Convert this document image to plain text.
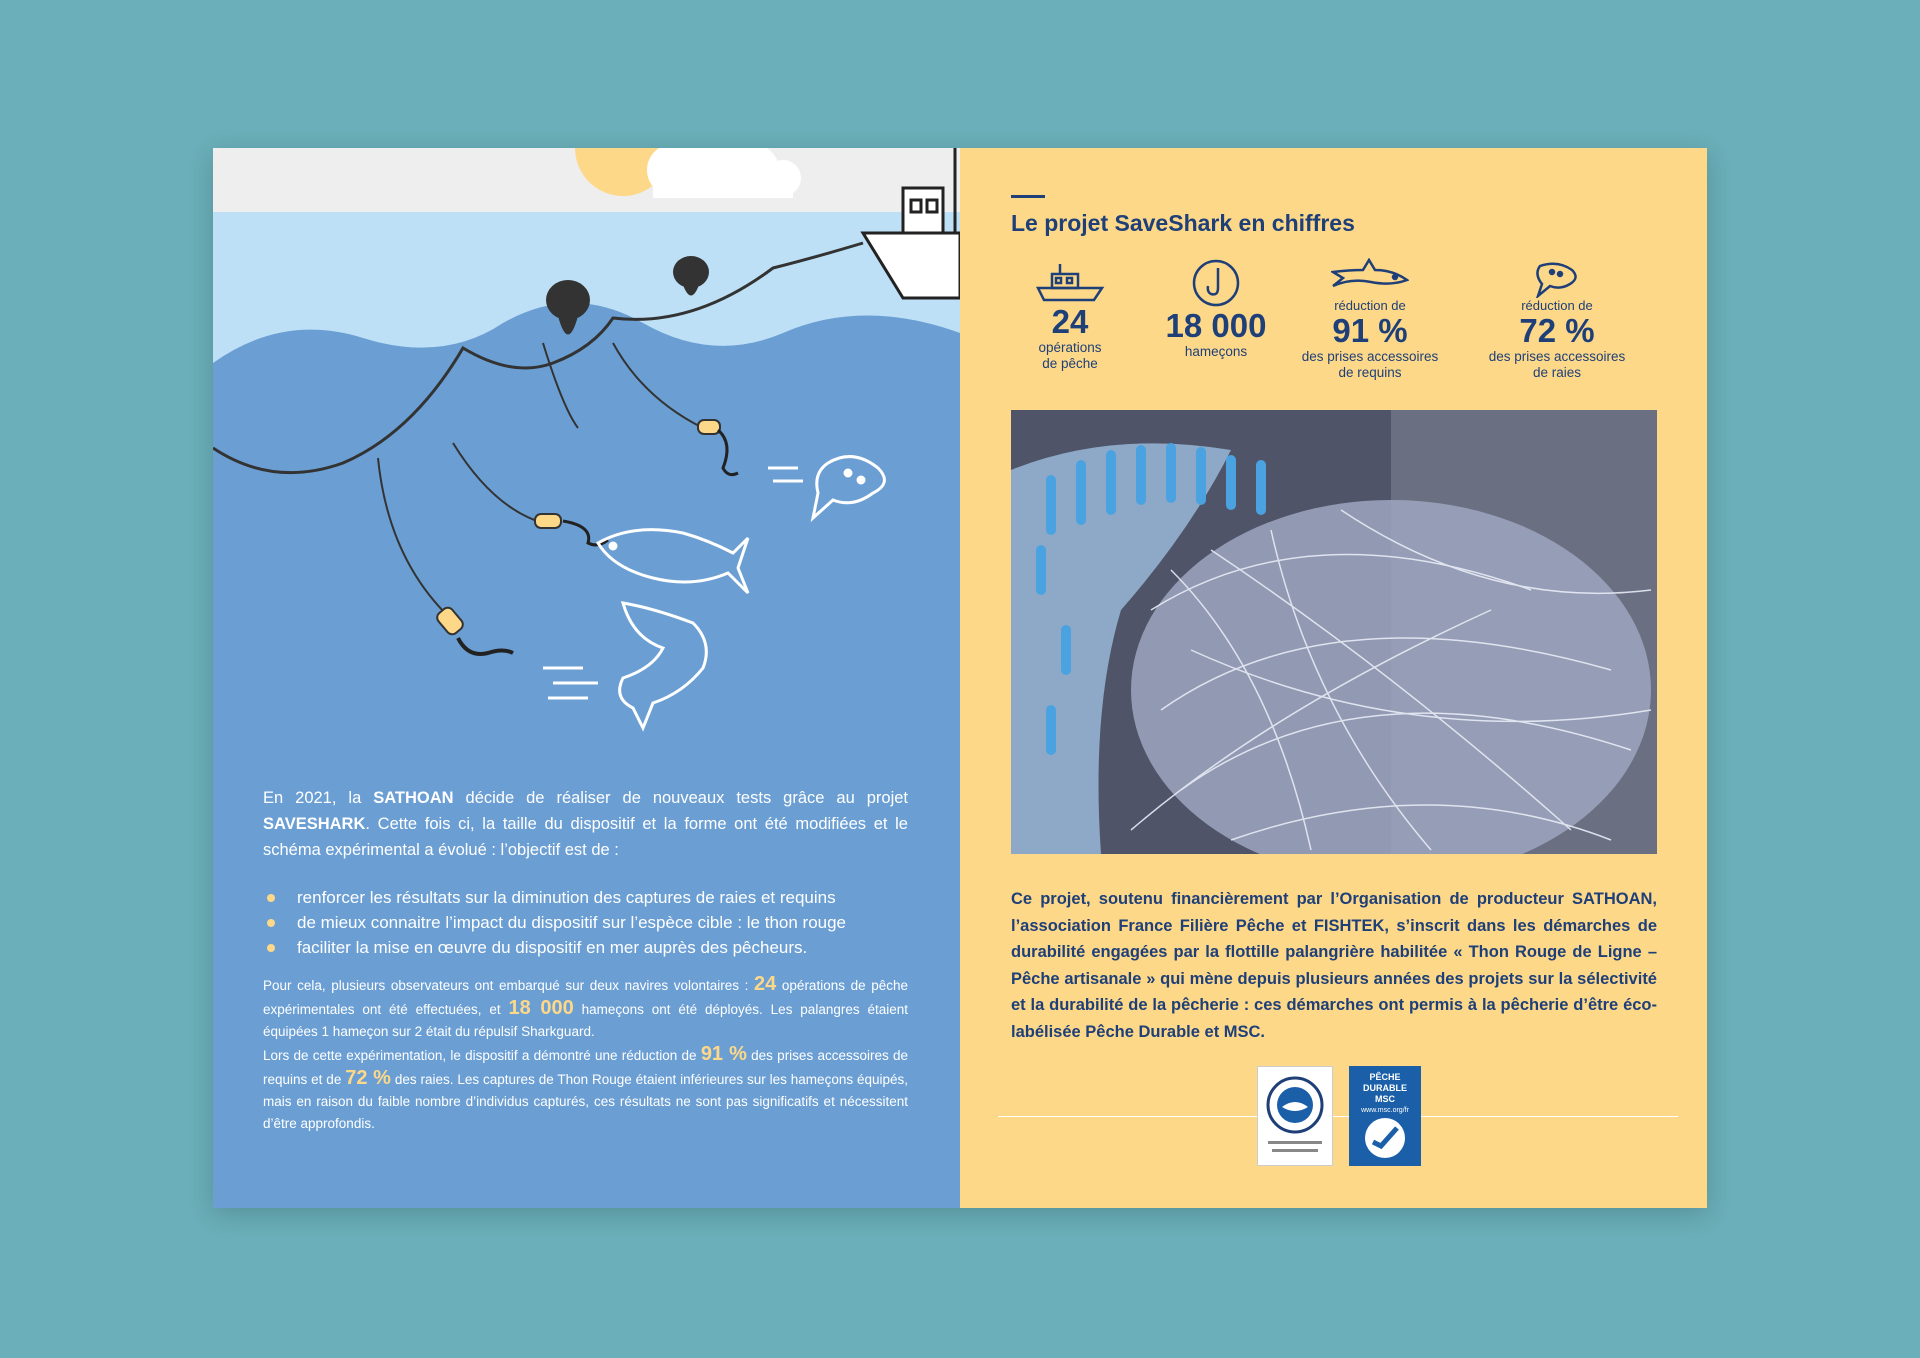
En 2021, la SATHOAN décide de réaliser de nouveaux tests grâce au projet SAVESHARK. Cette fois ci, la taille du dispositif et la forme ont été modifiées et le schéma expérimental a évolué : l’objectif est de :
renforcer les résultats sur la diminution des captures de raies et requins
de mieux connaitre l’impact du dispositif sur l’espèce cible : le thon rouge
faciliter la mise en œuvre du dispositif en mer auprès des pêcheurs.
Pour cela, plusieurs observateurs ont embarqué sur deux navires volontaires : 24 opérations de pêche expérimentales ont été effectuées, et 18 000 hameçons ont été déployés. Les palangres étaient équipées 1 hameçon sur 2 était du répulsif Sharkguard.
Lors de cette expérimentation, le dispositif a démontré une réduction de 91 % des prises accessoires de requins et de 72 % des raies. Les captures de Thon Rouge étaient inférieures sur les hameçons équipés, mais en raison du faible nombre d’individus capturés, ces résultats ne sont pas significatifs et nécessitent d’être approfondis.
Le projet SaveShark en chiffres
24
opérations
de pêche
18 000
hameçons
réduction de
91 %
des prises accessoires
de requins
réduction de
72 %
des prises accessoires
de raies
Ce projet, soutenu financièrement par l’Organisation de producteur SATHOAN, l’association France Filière Pêche et FISHTEK, s’inscrit dans les démarches de durabilité engagées par la flottille palangrière habilitée « Thon Rouge de Ligne – Pêche artisanale » qui mène depuis plusieurs années des projets sur la sélectivité et la durabilité de la pêcherie : ces démarches ont permis à la pêcherie d’être éco-labélisée Pêche Durable et MSC.
PÊCHE
DURABLE
MSC
www.msc.org/fr
